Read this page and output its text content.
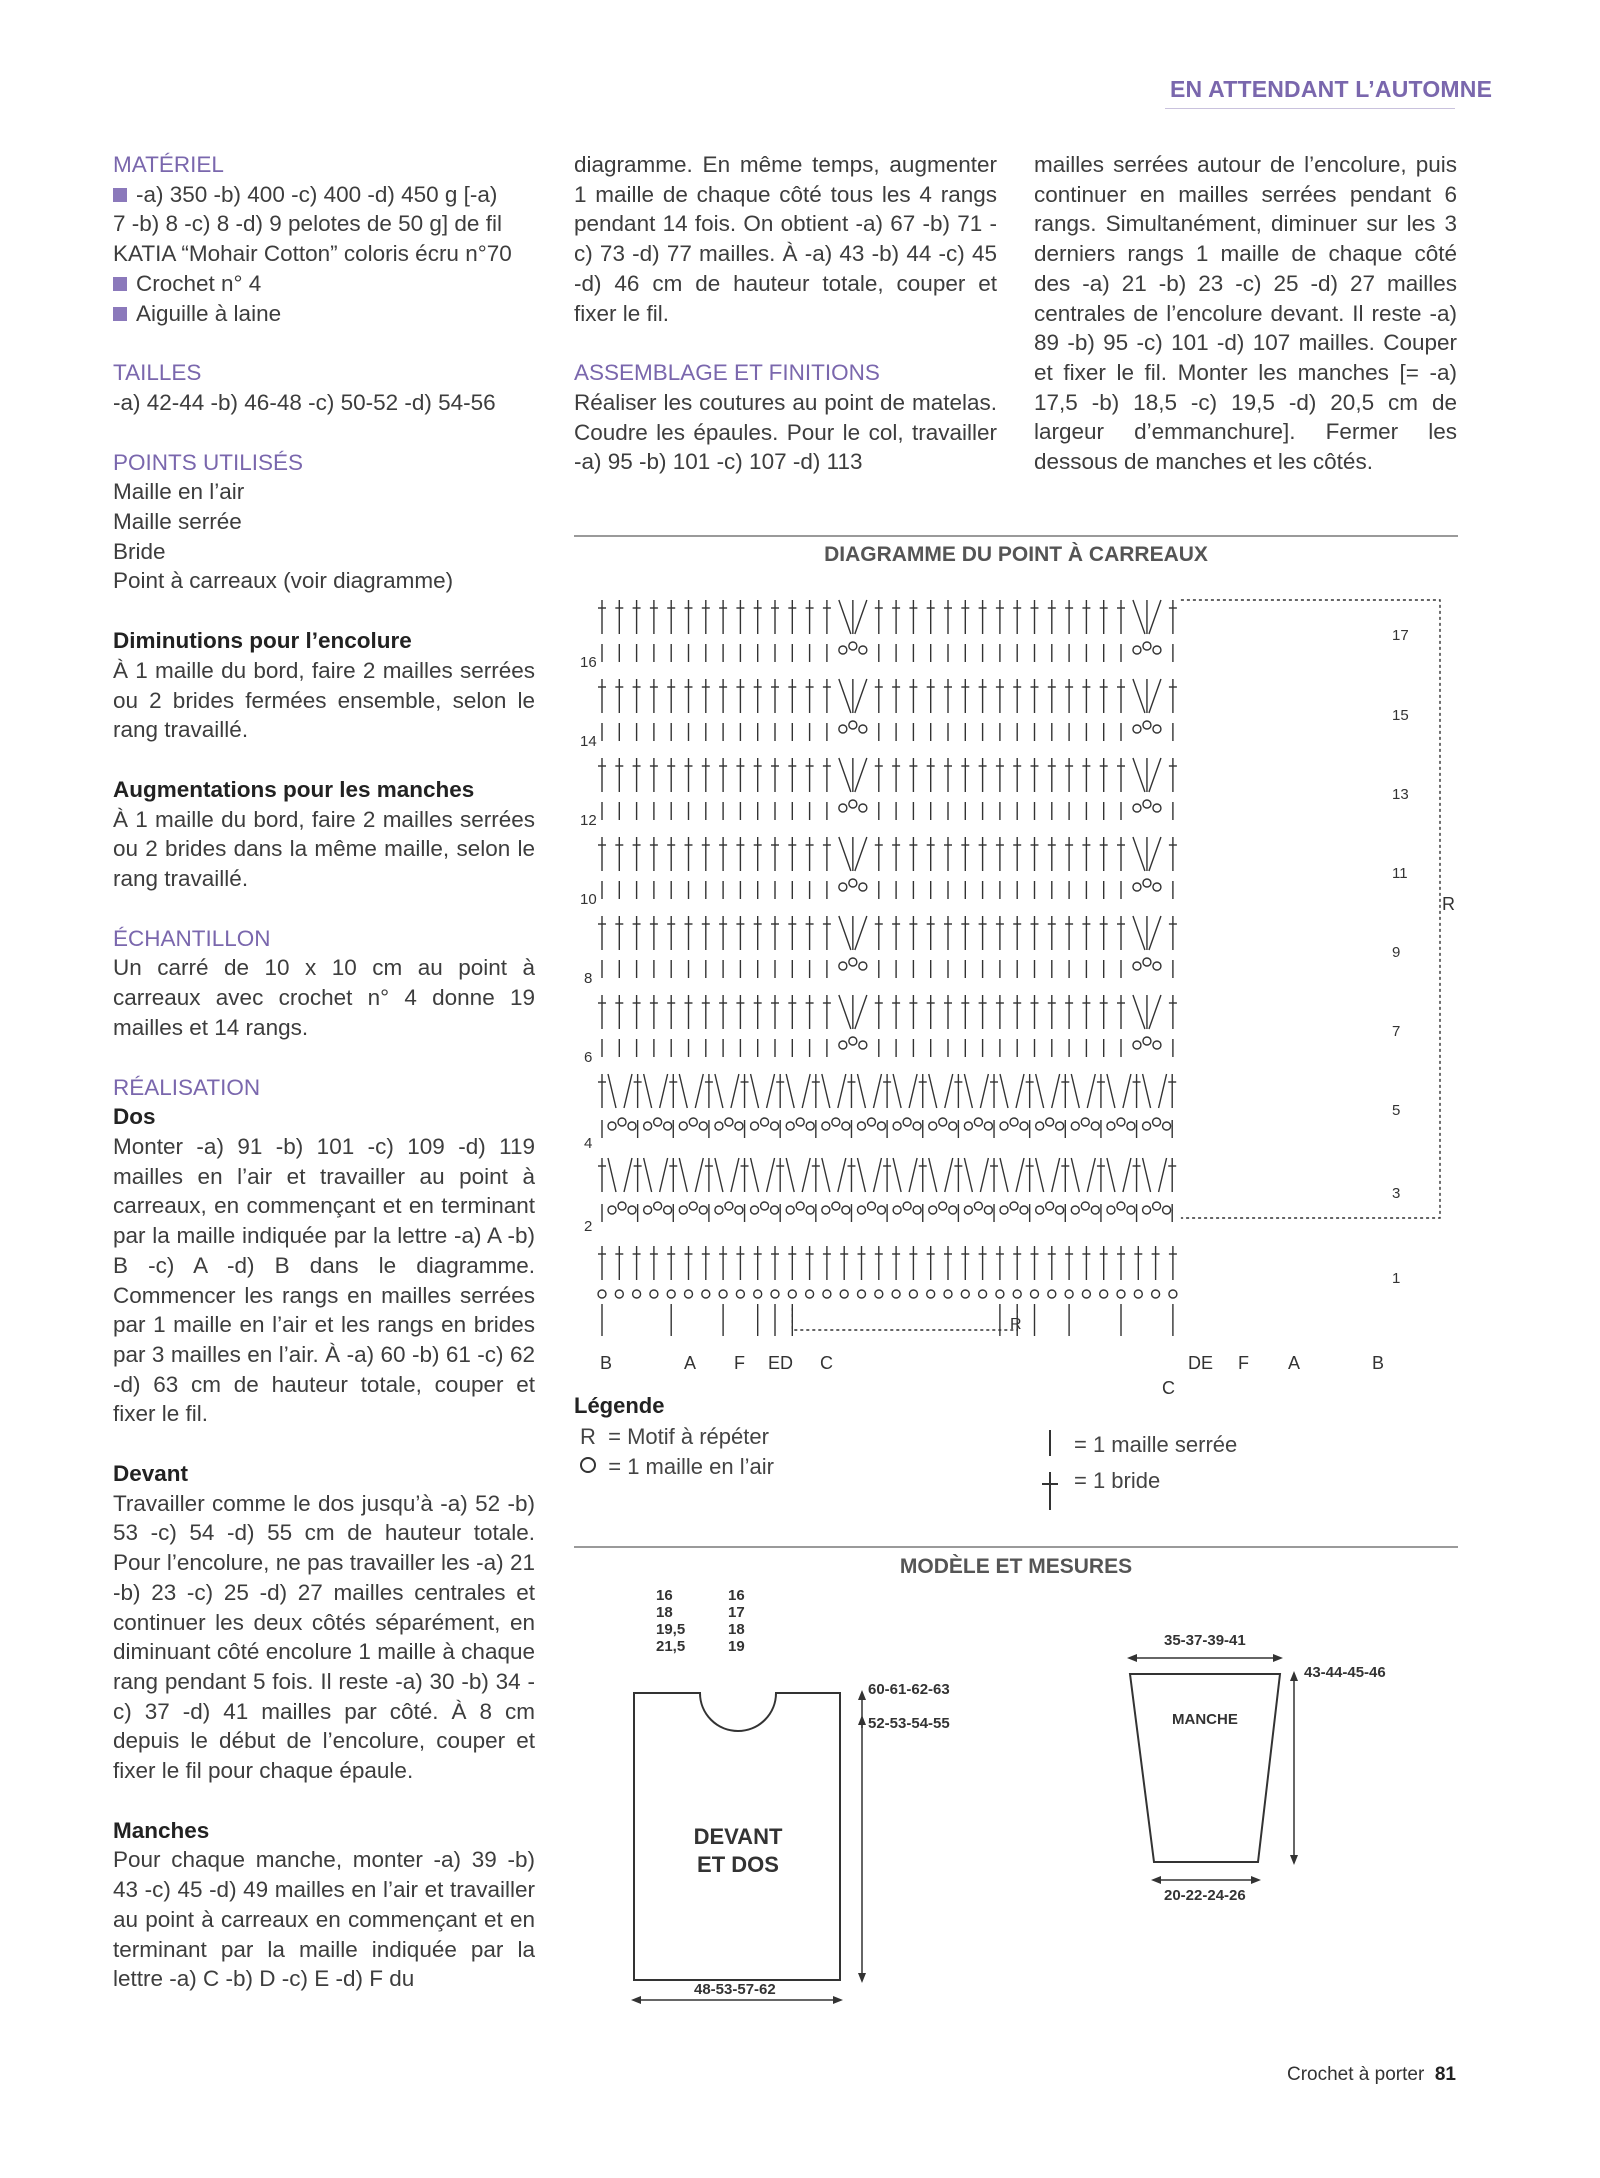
EN ATTENDANT L’AUTOMNE

MATÉRIEL

-a) 350 -b) 400 -c) 400 -d) 450 g [-a)

7 -b) 8 -c) 8 -d) 9 pelotes de 50 g] de fil

KATIA “Mohair Cotton” coloris écru n°70

Crochet n° 4

Aiguille à laine

TAILLES

-a) 42-44 -b) 46-48 -c) 50-52 -d) 54-56

POINTS UTILISÉS

Maille en l’air

Maille serrée

Bride

Point à carreaux (voir diagramme)

Diminutions pour l’encolure

À 1 maille du bord, faire 2 mailles serrées ou 2 brides fermées ensemble, selon le rang travaillé.

Augmentations pour les manches

À 1 maille du bord, faire 2 mailles serrées ou 2 brides dans la même maille, selon le rang travaillé.

ÉCHANTILLON

Un carré de 10 x 10 cm au point à carreaux avec crochet n° 4 donne 19 mailles et 14 rangs.

RÉALISATION

Dos

Monter -a) 91 -b) 101 -c) 109 -d) 119 mailles en l’air et travailler au point à carreaux, en commençant et en terminant par la maille indiquée par la lettre -a) A -b) B -c) A -d) B dans le diagramme. Commencer les rangs en mailles serrées par 1 maille en l’air et les rangs en brides par 3 mailles en l’air. À -a) 60 -b) 61 -c) 62 -d) 63 cm de hauteur totale, couper et fixer le fil.

Devant

Travailler comme le dos jusqu’à -a) 52 -b) 53 -c) 54 -d) 55 cm de hauteur totale. Pour l’encolure, ne pas travailler les -a) 21 -b) 23 -c) 25 -d) 27 mailles centrales et continuer les deux côtés séparément, en diminuant côté encolure 1 maille à chaque rang pendant 5 fois. Il reste -a) 30 -b) 34 -c) 37 -d) 41 mailles par côté. À 8 cm depuis le début de l’encolure, couper et fixer le fil pour chaque épaule.

Manches

Pour chaque manche, monter -a) 39 -b) 43 -c) 45 -d) 49 mailles en l’air et travailler au point à carreaux en commençant et en terminant par la maille indiquée par la lettre -a) C -b) D -c) E -d) F du

diagramme. En même temps, augmenter 1 maille de chaque côté tous les 4 rangs pendant 14 fois. On obtient -a) 67 -b) 71 -c) 73 -d) 77 mailles. À -a) 43 -b) 44 -c) 45 -d) 46 cm de hauteur totale, couper et fixer le fil.

ASSEMBLAGE ET FINITIONS

Réaliser les coutures au point de matelas. Coudre les épaules. Pour le col, travailler -a) 95 -b) 101 -c) 107 -d) 113

mailles serrées autour de l’encolure, puis continuer en mailles serrées pendant 6 rangs. Simultanément, diminuer sur les 3 derniers rangs 1 maille de chaque côté des -a) 21 -b) 23 -c) 25 -d) 27 mailles centrales de l’encolure devant. Il reste -a) 89 -b) 95 -c) 101 -d) 107 mailles. Couper et fixer le fil. Monter les manches [= -a) 17,5 -b) 18,5 -c) 19,5 -d) 20,5 cm de largeur d’emmanchure]. Fermer les dessous de manches et les côtés.

DIAGRAMME DU POINT À CARREAUX
16
14
12
10
8
6
4
2
17
15
13
11
9
7
5
3
1
R
R
B	A F ED C	DE F A	B
C
Légende
R = Motif à répéter
= 1 maille en l’air
= 1 maille serrée
= 1 bride
MODÈLE ET MESURES
16
18
19,5
21,5
16
17
18
19
60-61-62-63
52-53-54-55
DEVANT
ET DOS
48-53-57-62
35-37-39-41
43-44-45-46
MANCHE
20-22-24-26
Crochet à porter 81
